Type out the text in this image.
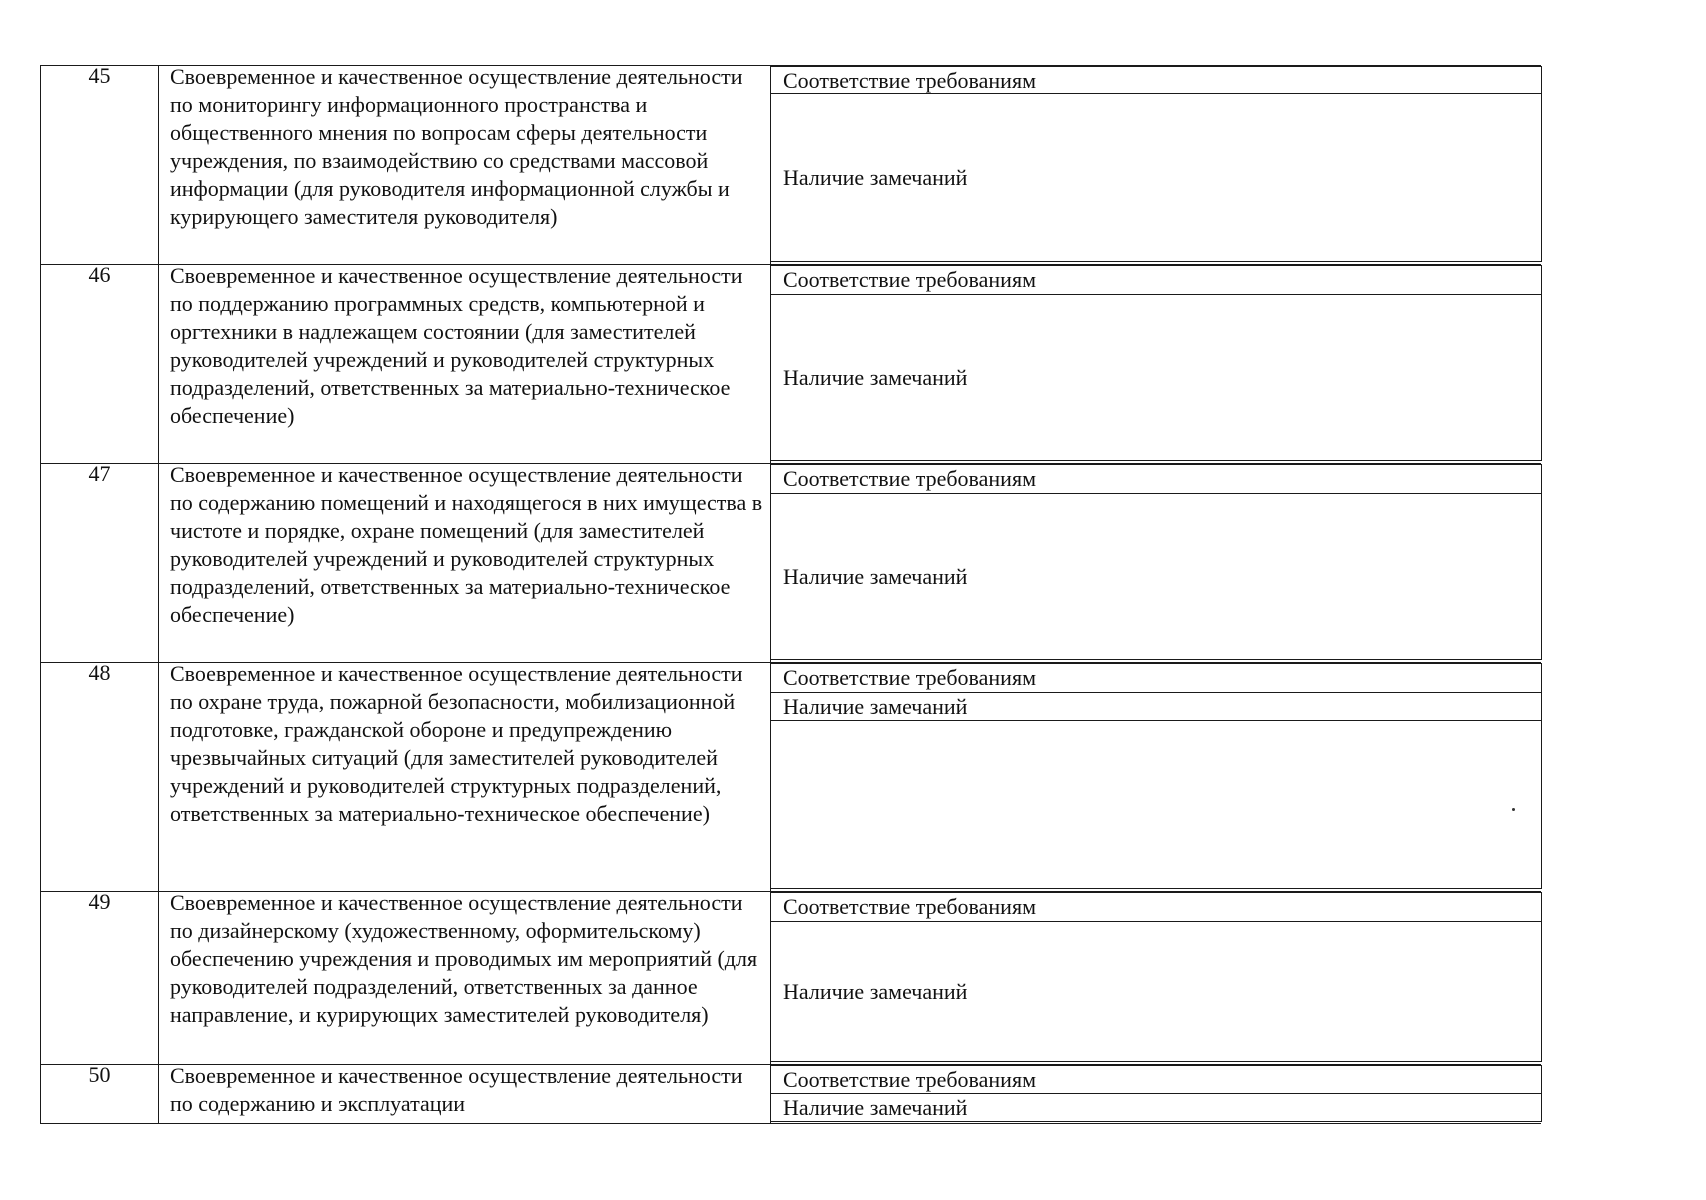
45	Своевременное и качественное осуществление деятельности по мониторингу информационного пространства и общественного мнения по вопросам сферы деятельности учреждения, по взаимодействию со средствами массовой информации (для руководителя информационной службы и курирующего заместителя руководителя)	Соответствие требованиям
Наличие замечаний

46	Своевременное и качественное осуществление деятельности по поддержанию программных средств, компьютерной и оргтехники в надлежащем состоянии (для заместителей руководителей учреждений и руководителей структурных подразделений, ответственных за материально-техническое обеспечение)	Соответствие требованиям
Наличие замечаний

47	Своевременное и качественное осуществление деятельности по содержанию помещений и находящегося в них имущества в чистоте и порядке, охране помещений (для заместителей руководителей учреждений и руководителей структурных подразделений, ответственных за материально-техническое обеспечение)	Соответствие требованиям
Наличие замечаний

48	Своевременное и качественное осуществление деятельности по охране труда, пожарной безопасности, мобилизационной подготовке, гражданской обороне и предупреждению чрезвычайных ситуаций (для заместителей руководителей учреждений и руководителей структурных подразделений, ответственных за материально-техническое обеспечение)	Соответствие требованиям
Наличие замечаний

49	Своевременное и качественное осуществление деятельности по дизайнерскому (художественному, оформительскому) обеспечению учреждения и проводимых им мероприятий (для руководителей подразделений, ответственных за данное направление, и курирующих заместителей руководителя)	Соответствие требованиям
Наличие замечаний

50	Своевременное и качественное осуществление деятельности по содержанию и эксплуатации	Соответствие требованиям
Наличие замечаний
